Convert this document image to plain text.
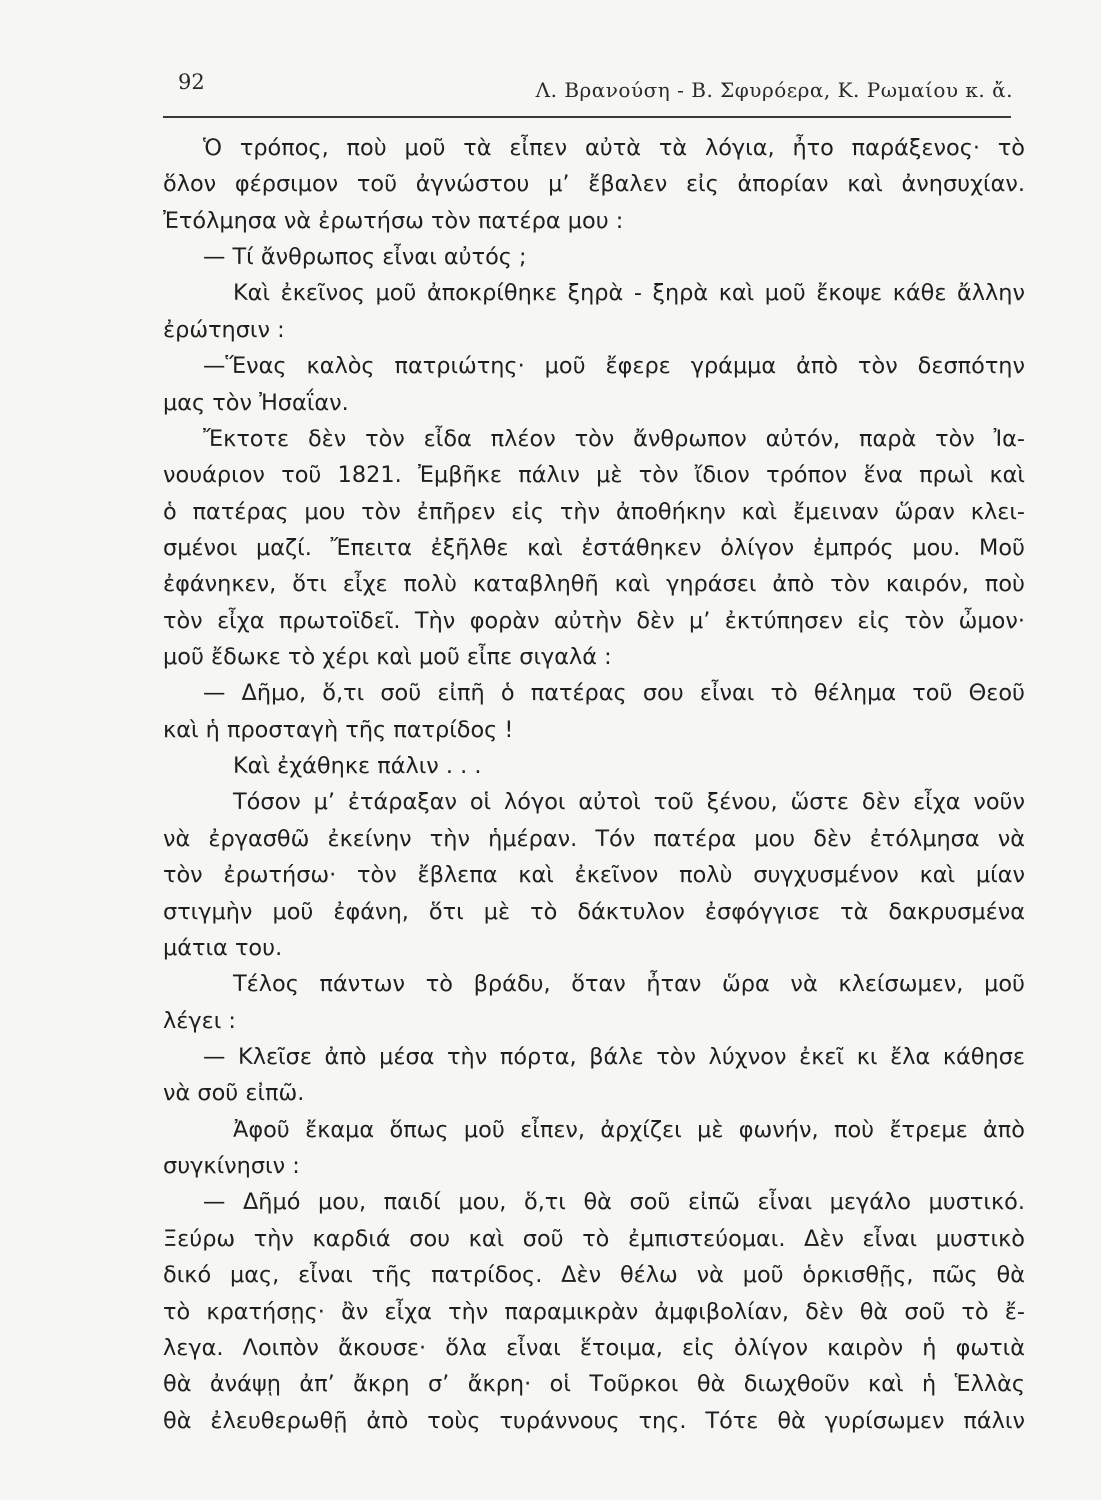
92	Λ. Βρανούση - Β. Σφυρόερα, Κ. Ρωμαίου κ. ἄ.
Ὁ τρόπος, ποὺ μοῦ τὰ εἶπεν αὐτὰ τὰ λόγια, ἦτο παράξενος· τὸ
ὅλον φέρσιμον τοῦ ἀγνώστου μ’ ἔβαλεν εἰς ἀπορίαν καὶ ἀνησυχίαν.
Ἐτόλμησα νὰ ἐρωτήσω τὸν πατέρα μου :
— Τί ἄνθρωπος εἶναι αὐτός ;
Καὶ ἐκεῖνος μοῦ ἀποκρίθηκε ξηρὰ - ξηρὰ καὶ μοῦ ἔκοψε κάθε ἄλλην
ἐρώτησιν :
—Ἕνας καλὸς πατριώτης· μοῦ ἔφερε γράμμα ἀπὸ τὸν δεσπότην
μας τὸν Ἠσαΐαν.
Ἔκτοτε δὲν τὸν εἶδα πλέον τὸν ἄνθρωπον αὐτόν, παρὰ τὸν Ἰα-
νουάριον τοῦ 1821. Ἐμβῆκε πάλιν μὲ τὸν ἴδιον τρόπον ἕνα πρωὶ καὶ
ὁ πατέρας μου τὸν ἐπῆρεν εἰς τὴν ἀποθήκην καὶ ἔμειναν ὥραν κλει-
σμένοι μαζί. Ἔπειτα ἐξῆλθε καὶ ἐστάθηκεν ὀλίγον ἐμπρός μου. Μοῦ
ἐφάνηκεν, ὅτι εἶχε πολὺ καταβληθῆ καὶ γηράσει ἀπὸ τὸν καιρόν, ποὺ
τὸν εἶχα πρωτοϊδεῖ. Τὴν φορὰν αὐτὴν δὲν μ’ ἐκτύπησεν εἰς τὸν ὦμον·
μοῦ ἔδωκε τὸ χέρι καὶ μοῦ εἶπε σιγαλά :
— Δῆμο, ὅ,τι σοῦ εἰπῆ ὁ πατέρας σου εἶναι τὸ θέλημα τοῦ Θεοῦ
καὶ ἡ προσταγὴ τῆς πατρίδος !
Καὶ ἐχάθηκε πάλιν . . .
Τόσον μ’ ἐτάραξαν οἱ λόγοι αὐτοὶ τοῦ ξένου, ὥστε δὲν εἶχα νοῦν
νὰ ἐργασθῶ ἐκείνην τὴν ἡμέραν. Τόν πατέρα μου δὲν ἐτόλμησα νὰ
τὸν ἐρωτήσω· τὸν ἔβλεπα καὶ ἐκεῖνον πολὺ συγχυσμένον καὶ μίαν
στιγμὴν μοῦ ἐφάνη, ὅτι μὲ τὸ δάκτυλον ἐσφόγγισε τὰ δακρυσμένα
μάτια του.
Τέλος πάντων τὸ βράδυ, ὅταν ἦταν ὥρα νὰ κλείσωμεν, μοῦ
λέγει :
— Κλεῖσε ἀπὸ μέσα τὴν πόρτα, βάλε τὸν λύχνον ἐκεῖ κι ἔλα κάθησε
νὰ σοῦ εἰπῶ.
Ἀφοῦ ἔκαμα ὅπως μοῦ εἶπεν, ἀρχίζει μὲ φωνήν, ποὺ ἔτρεμε ἀπὸ
συγκίνησιν :
— Δῆμό μου, παιδί μου, ὅ,τι θὰ σοῦ εἰπῶ εἶναι μεγάλο μυστικό.
Ξεύρω τὴν καρδιά σου καὶ σοῦ τὸ ἐμπιστεύομαι. Δὲν εἶναι μυστικὸ
δικό μας, εἶναι τῆς πατρίδος. Δὲν θέλω νὰ μοῦ ὁρκισθῇς, πῶς θὰ
τὸ κρατήσῃς· ἂν εἶχα τὴν παραμικρὰν ἀμφιβολίαν, δὲν θὰ σοῦ τὸ ἔ-
λεγα. Λοιπὸν ἄκουσε· ὅλα εἶναι ἕτοιμα, εἰς ὀλίγον καιρὸν ἡ φωτιὰ
θὰ ἀνάψῃ ἀπ’ ἄκρη σ’ ἄκρη· οἱ Τοῦρκοι θὰ διωχθοῦν καὶ ἡ Ἑλλὰς
θὰ ἐλευθερωθῇ ἀπὸ τοὺς τυράννους της. Τότε θὰ γυρίσωμεν πάλιν
